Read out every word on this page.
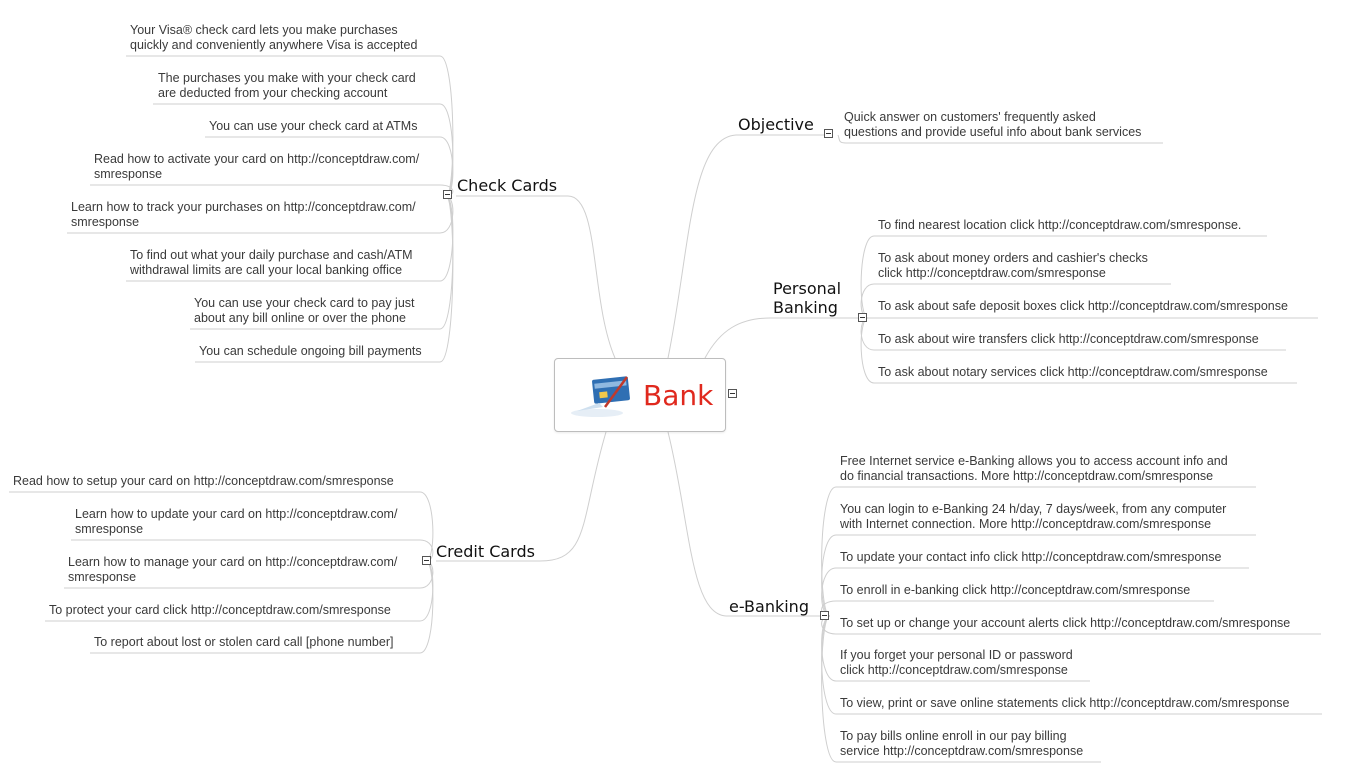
Bank
Objective
Personal
Banking
e-Banking
Check Cards
Credit Cards
Quick answer on customers' frequently asked
questions and provide useful info about bank services
To find nearest location click http://conceptdraw.com/smresponse.
To ask about money orders and cashier's checks
click http://conceptdraw.com/smresponse
To ask about safe deposit boxes click http://conceptdraw.com/smresponse
To ask about wire transfers click http://conceptdraw.com/smresponse
To ask about notary services click http://conceptdraw.com/smresponse
Free Internet service e-Banking allows you to access account info and
do financial transactions. More http://conceptdraw.com/smresponse
You can login to e-Banking 24 h/day, 7 days/week, from any computer
with Internet connection. More http://conceptdraw.com/smresponse
To update your contact info click http://conceptdraw.com/smresponse
To enroll in e-banking click http://conceptdraw.com/smresponse
To set up or change your account alerts click http://conceptdraw.com/smresponse
If you forget your personal ID or password
click http://conceptdraw.com/smresponse
To view, print or save online statements click http://conceptdraw.com/smresponse
To pay bills online enroll in our pay billing
service http://conceptdraw.com/smresponse
Your Visa® check card lets you make purchases
quickly and conveniently anywhere Visa is accepted
The purchases you make with your check card
are deducted from your checking account
You can use your check card at ATMs
Read how to activate your card on http://conceptdraw.com/
smresponse
Learn how to track your purchases on http://conceptdraw.com/
smresponse
To find out what your daily purchase and cash/ATM
withdrawal limits are call your local banking office
You can use your check card to pay just
about any bill online or over the phone
You can schedule ongoing bill payments
Read how to setup your card on http://conceptdraw.com/smresponse
Learn how to update your card on http://conceptdraw.com/
smresponse
Learn how to manage your card on http://conceptdraw.com/
smresponse
To protect your card click http://conceptdraw.com/smresponse
To report about lost or stolen card call [phone number]
